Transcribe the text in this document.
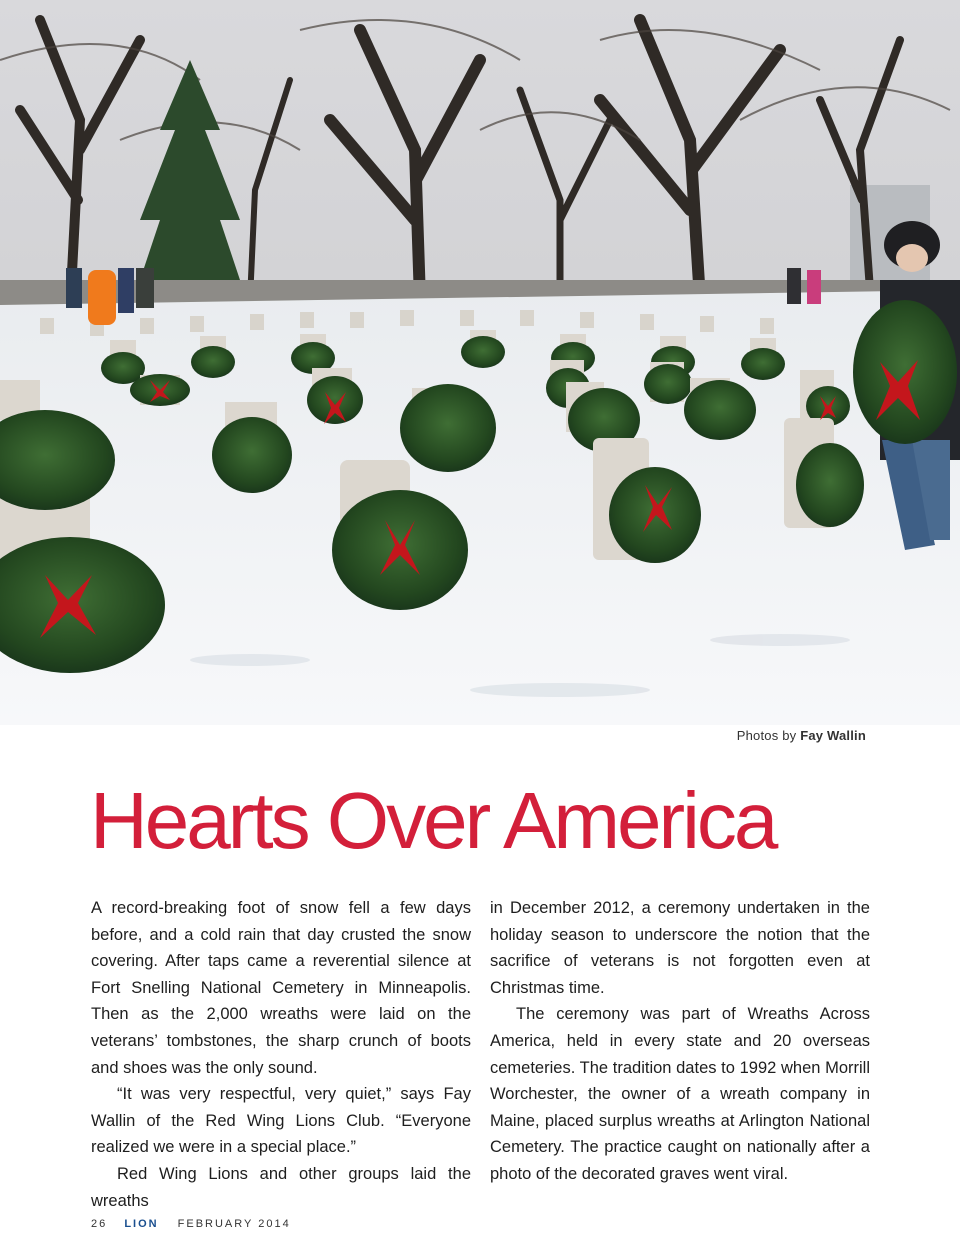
Photos by Fay Wallin
Hearts Over America

A record-breaking foot of snow fell a few days before, and a cold rain that day crusted the snow covering. After taps came a reverential silence at Fort Snelling National Cemetery in Minneapolis. Then as the 2,000 wreaths were laid on the veterans’ tombstones, the sharp crunch of boots and shoes was the only sound.

“It was very respectful, very quiet,” says Fay Wallin of the Red Wing Lions Club. “Everyone realized we were in a special place.”

Red Wing Lions and other groups laid the wreaths

in December 2012, a ceremony undertaken in the holiday season to underscore the notion that the sacrifice of veterans is not forgotten even at Christmas time.

The ceremony was part of Wreaths Across America, held in every state and 20 overseas cemeteries. The tradition dates to 1992 when Morrill Worchester, the owner of a wreath company in Maine, placed surplus wreaths at Arlington National Cemetery. The practice caught on nationally after a photo of the decorated graves went viral.

26 LION FEBRUARY 2014
